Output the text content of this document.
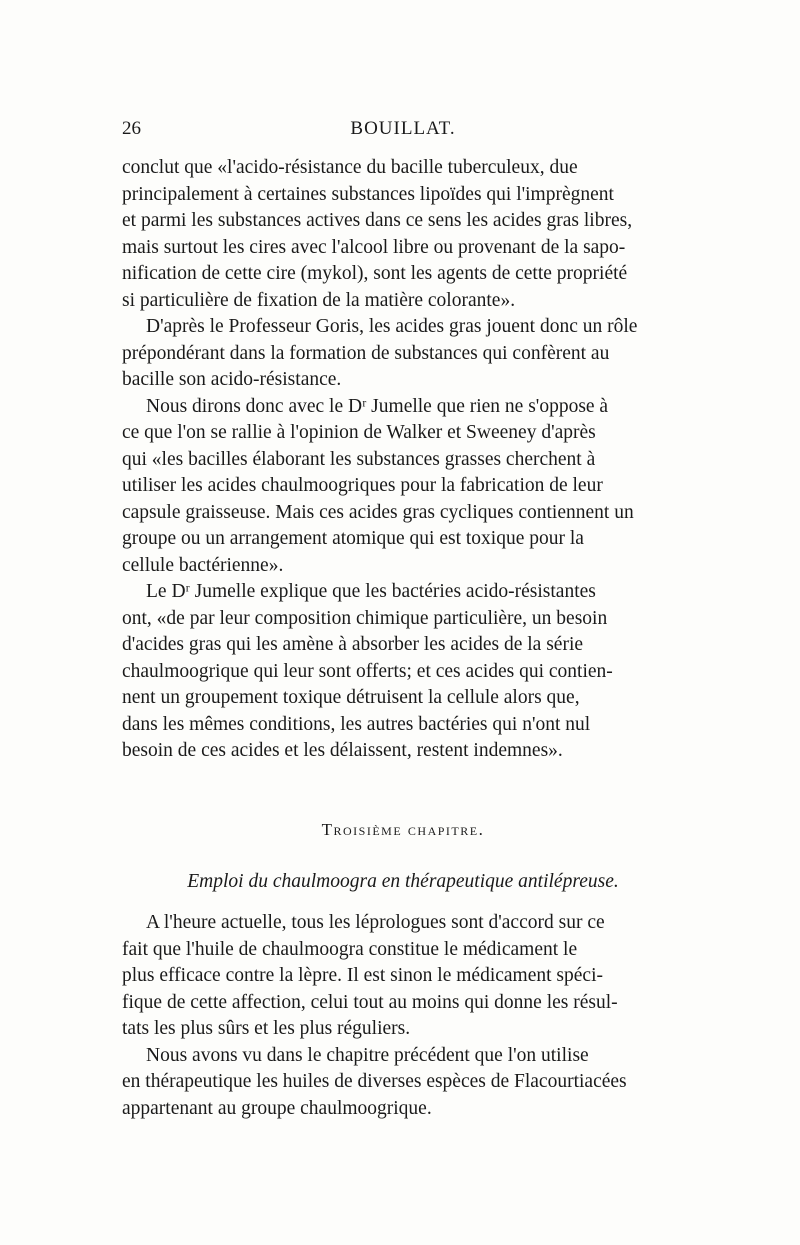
26	BOUILLAT.

conclut que «l'acido-résistance du bacille tuberculeux, due
principalement à certaines substances lipoïdes qui l'imprègnent
et parmi les substances actives dans ce sens les acides gras libres,
mais surtout les cires avec l'alcool libre ou provenant de la sapo-
nification de cette cire (mykol), sont les agents de cette propriété
si particulière de fixation de la matière colorante».

D'après le Professeur Goris, les acides gras jouent donc un rôle
prépondérant dans la formation de substances qui confèrent au
bacille son acido-résistance.

Nous dirons donc avec le Dʳ Jumelle que rien ne s'oppose à
ce que l'on se rallie à l'opinion de Walker et Sweeney d'après
qui «les bacilles élaborant les substances grasses cherchent à
utiliser les acides chaulmoogriques pour la fabrication de leur
capsule graisseuse. Mais ces acides gras cycliques contiennent un
groupe ou un arrangement atomique qui est toxique pour la
cellule bactérienne».

Le Dʳ Jumelle explique que les bactéries acido-résistantes
ont, «de par leur composition chimique particulière, un besoin
d'acides gras qui les amène à absorber les acides de la série
chaulmoogrique qui leur sont offerts; et ces acides qui contien-
nent un groupement toxique détruisent la cellule alors que,
dans les mêmes conditions, les autres bactéries qui n'ont nul
besoin de ces acides et les délaissent, restent indemnes».

Troisième chapitre.
Emploi du chaulmoogra en thérapeutique antilépreuse.

A l'heure actuelle, tous les léprologues sont d'accord sur ce
fait que l'huile de chaulmoogra constitue le médicament le
plus efficace contre la lèpre. Il est sinon le médicament spéci-
fique de cette affection, celui tout au moins qui donne les résul-
tats les plus sûrs et les plus réguliers.

Nous avons vu dans le chapitre précédent que l'on utilise
en thérapeutique les huiles de diverses espèces de Flacourtiacées
appartenant au groupe chaulmoogrique.
